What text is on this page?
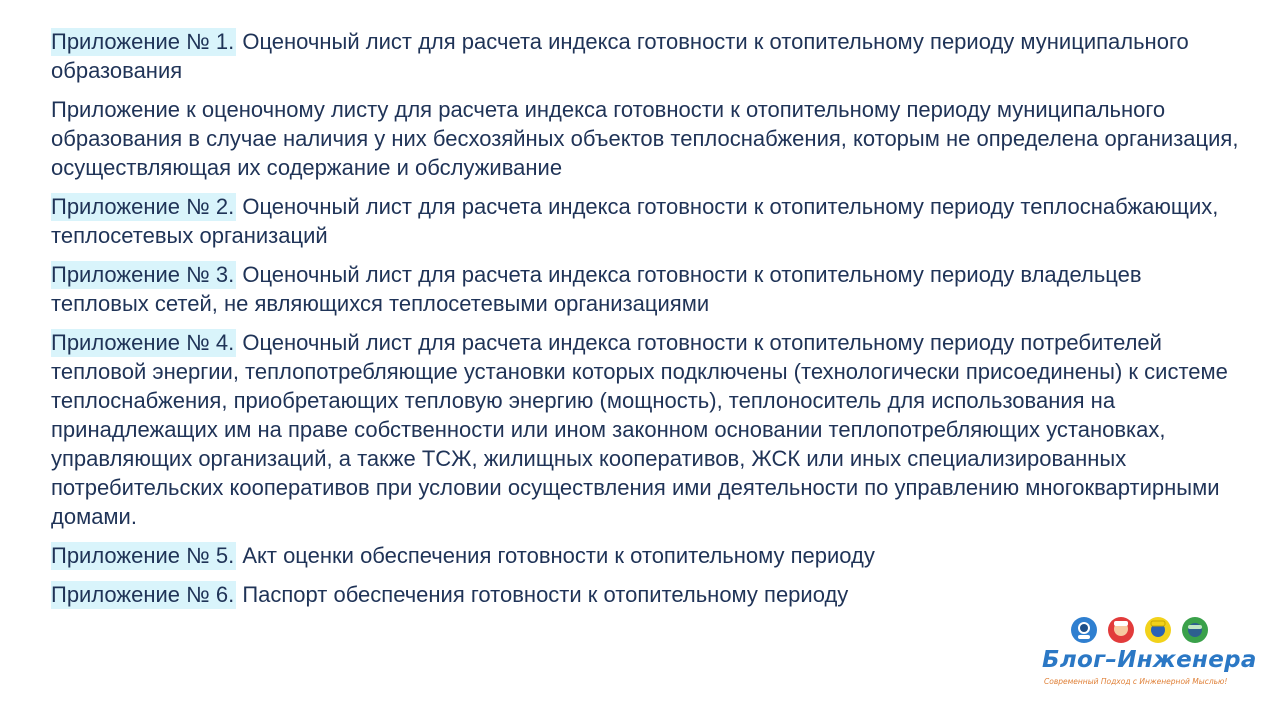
Приложение № 1. Оценочный лист для расчета индекса готовности к отопительному периоду муниципального образования

Приложение к оценочному листу для расчета индекса готовности к отопительному периоду муниципального образования в случае наличия у них бесхозяйных объектов теплоснабжения, которым не определена организация, осуществляющая их содержание и обслуживание

Приложение № 2. Оценочный лист для расчета индекса готовности к отопительному периоду теплоснабжающих, теплосетевых организаций

Приложение № 3. Оценочный лист для расчета индекса готовности к отопительному периоду владельцев тепловых сетей, не являющихся теплосетевыми организациями

Приложение № 4. Оценочный лист для расчета индекса готовности к отопительному периоду потребителей тепловой энергии, теплопотребляющие установки которых подключены (технологически присоединены) к системе теплоснабжения, приобретающих тепловую энергию (мощность), теплоноситель для использования на принадлежащих им на праве собственности или ином законном основании теплопотребляющих установках, управляющих организаций, а также ТСЖ, жилищных кооперативов, ЖСК или иных специализированных потребительских кооперативов при условии осуществления ими деятельности по управлению многоквартирными домами.

Приложение № 5. Акт оценки обеспечения готовности к отопительному периоду

Приложение № 6. Паспорт обеспечения готовности к отопительному периоду

Блог–Инженера
Современный Подход с Инженерной Мыслью!
